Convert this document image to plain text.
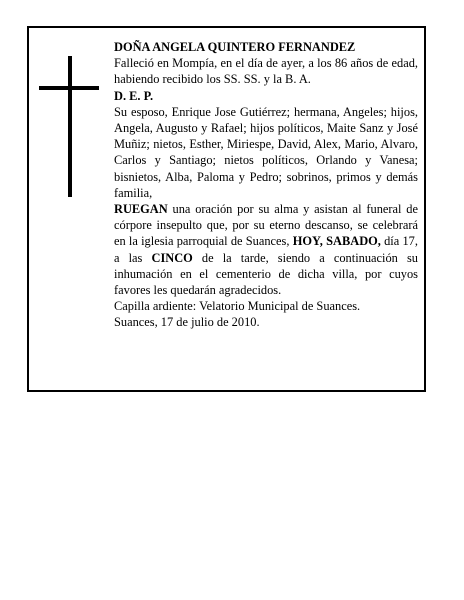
DOÑA ANGELA QUINTERO FERNANDEZ

Falleció en Mompía, en el día de ayer, a los 86 años de edad, habiendo recibido los SS. SS. y la B. A.

D. E. P.

Su esposo, Enrique Jose Gutiérrez; hermana, Angeles; hijos, Angela, Augusto y Rafael; hijos políticos, Maite Sanz y José Muñiz; nietos, Esther, Miriespe, David, Alex, Mario, Alvaro, Carlos y Santiago; nietos políticos, Orlando y Vanesa; bisnietos, Alba, Paloma y Pedro; sobrinos, primos y demás familia,

RUEGAN una oración por su alma y asistan al funeral de córpore insepulto que, por su eterno descanso, se celebrará en la iglesia parroquial de Suances, HOY, SABADO, día 17, a las CINCO de la tarde, siendo a continuación su inhumación en el cementerio de dicha villa, por cuyos favores les quedarán agradecidos.

Capilla ardiente: Velatorio Municipal de Suances.

Suances, 17 de julio de 2010.
